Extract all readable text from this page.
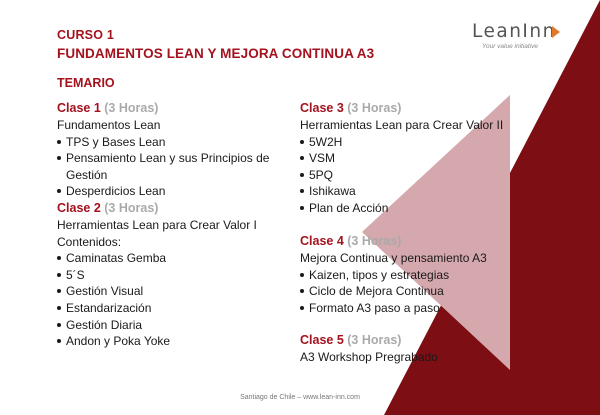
LeanInn
Your value initiative
CURSO 1
FUNDAMENTOS LEAN Y MEJORA CONTINUA A3
TEMARIO
Clase 1 (3 Horas)
Fundamentos Lean
TPS y Bases Lean
Pensamiento Lean y sus Principios de Gestión
Desperdicios Lean
Clase 2 (3 Horas)
Herramientas Lean para Crear Valor I
Contenidos:
Caminatas Gemba
5´S
Gestión Visual
Estandarización
Gestión Diaria
Andon y Poka Yoke
Clase 3 (3 Horas)
Herramientas Lean para Crear Valor II
5W2H
VSM
5PQ
Ishikawa
Plan de Acción
Clase 4 (3 Horas)
Mejora Continua y pensamiento A3
Kaizen, tipos y estrategias
Ciclo de Mejora Continua
Formato A3 paso a paso
Clase 5 (3 Horas)
A3 Workshop Pregrabado
Santiago de Chile – www.lean-inn.com
